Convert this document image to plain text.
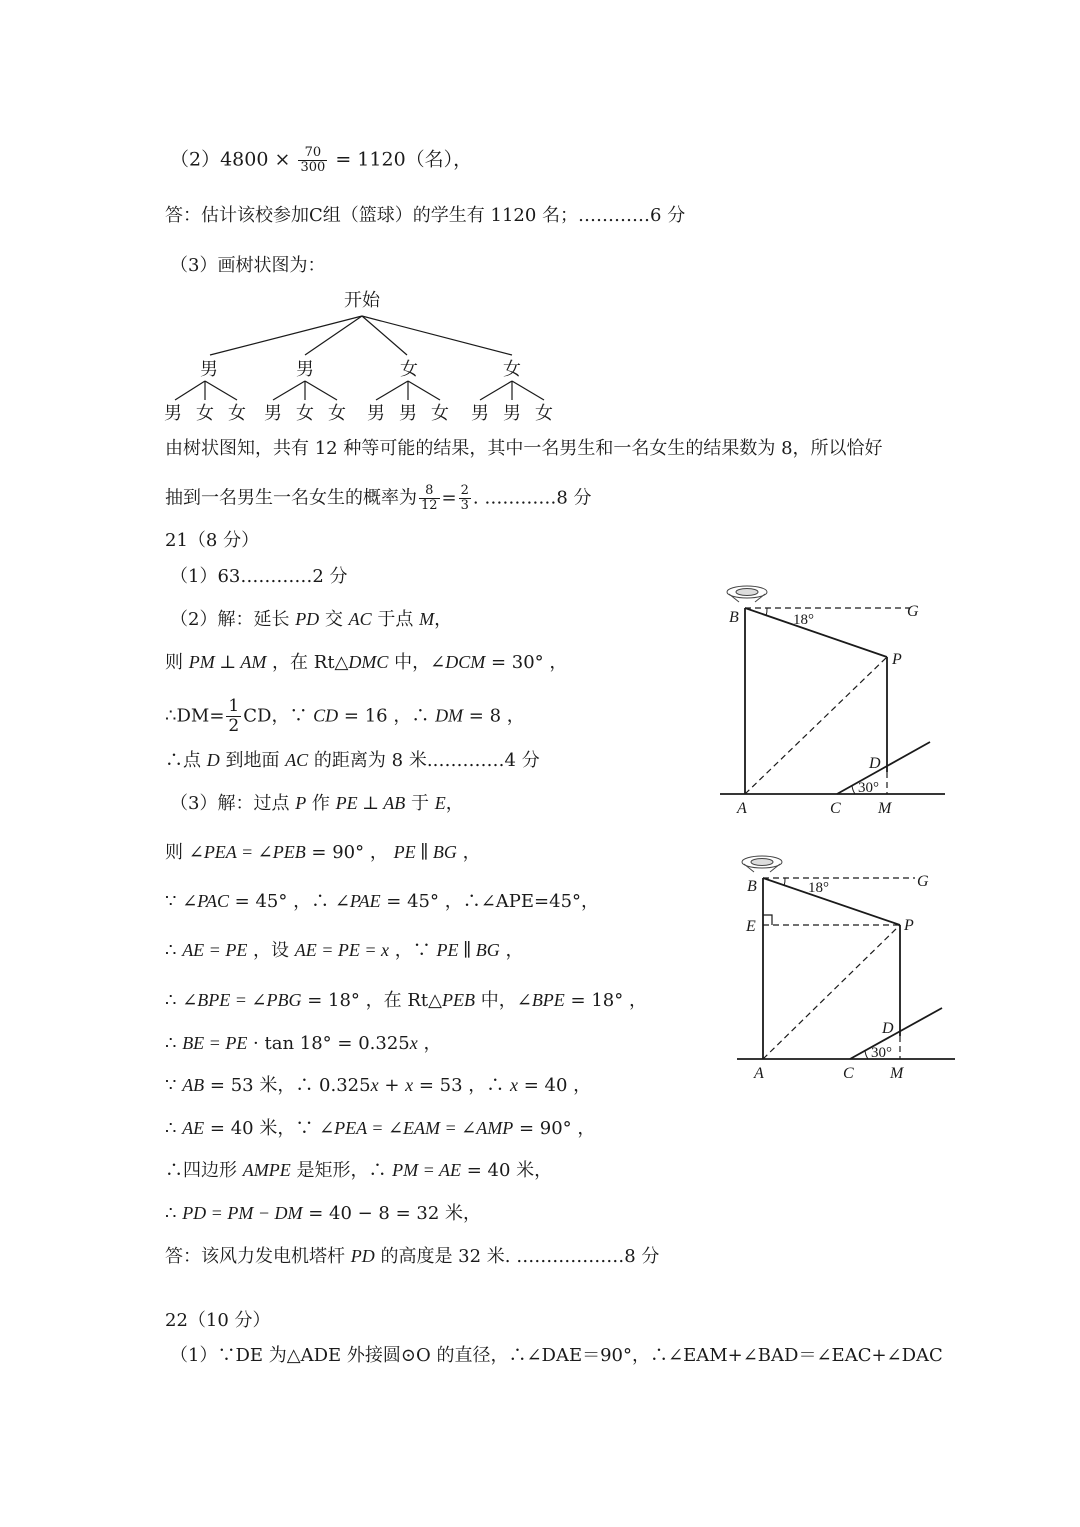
$(2)4800 \times \frac{70}{300} = 1120$（名），
答：估计该校参加C组（篮球）的学生有 1120 名；…………6 分
（3）画树状图为：
开始
男	男	女	女
男 女 女 男 女 女 男 男 女 男 男 女
由树状图知，共有 12 种等可能的结果，其中一名男生和一名女生的结果数为 8，所以恰好
抽到一名男生一名女生的概率为 $\frac{8}{12} = \frac{2}{3}$ . …………8 分
21（8 分）
（1）63…………2 分
（2）解：延长 PD 交 AC 于点 M，
则 PM ⊥ AM ，在 Rt△DMC 中，∠DCM = 30° ，
∴DM= $\frac{1}{2}$ CD，∵ CD = 16 ，∴ DM = 8 ，
∴点 D 到地面 AC 的距离为 8 米.…………4 分
（3）解：过点 P 作 PE ⊥ AB 于 E，
则 ∠PEA = ∠PEB = 90° ， PE ∥ BG ，
∵ ∠PAC = 45° ，∴ ∠PAE = 45° ，∴∠APE=45°，
∴ AE = PE ，设 AE = PE = x ，∵ PE ∥ BG ，
∴ ∠BPE = ∠PBG = 18° ，在 Rt△PEB 中，∠BPE = 18° ，
∴ BE = PE · tan 18° = 0.325x ，
∵ AB = 53 米，∴ 0.325x + x = 53 ，∴ x = 40 ，
∴ AE = 40 米，∵ ∠PEA = ∠EAM = ∠AMP = 90° ，
∴四边形 AMPE 是矩形，∴ PM = AE = 40 米，
∴ PD = PM − DM = 40 − 8 = 32 米，
答：该风力发电机塔杆 PD 的高度是 32 米. ………………8 分
22（10 分）
（1）∵DE 为△ADE 外接圆⊙O 的直径，∴∠DAE＝90°，∴∠EAM+∠BAD＝∠EAC+∠DAC
B	18°	G
P
D
30°
A	C M
B	18°	G
E	P
D
30°
A	C M
